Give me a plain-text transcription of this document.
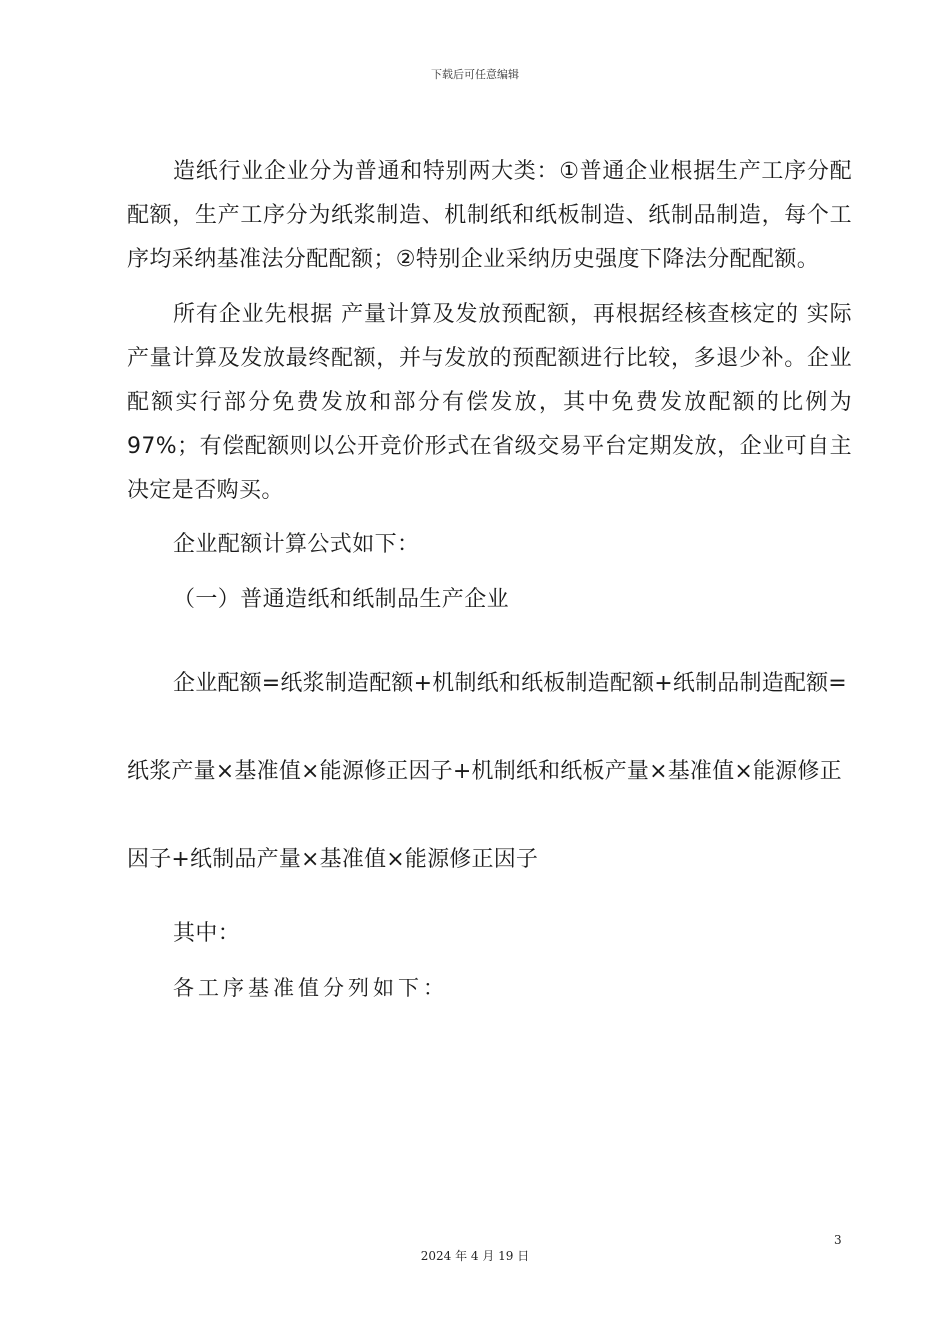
下载后可任意编辑

造纸行业企业分为普通和特别两大类：①普通企业根据生产工序分配配额，生产工序分为纸浆制造、机制纸和纸板制造、纸制品制造，每个工序均采纳基准法分配配额；②特别企业采纳历史强度下降法分配配额。

所有企业先根据 产量计算及发放预配额，再根据经核查核定的 实际产量计算及发放最终配额，并与发放的预配额进行比较，多退少补。企业配额实行部分免费发放和部分有偿发放，其中免费发放配额的比例为 97%；有偿配额则以公开竞价形式在省级交易平台定期发放，企业可自主决定是否购买。

企业配额计算公式如下：

（一）普通造纸和纸制品生产企业

企业配额=纸浆制造配额+机制纸和纸板制造配额+纸制品制造配额=纸浆产量×基准值×能源修正因子+机制纸和纸板产量×基准值×能源修正因子+纸制品产量×基准值×能源修正因子

其中：

各工序基准值分列如下：

3
2024 年 4 月 19 日
